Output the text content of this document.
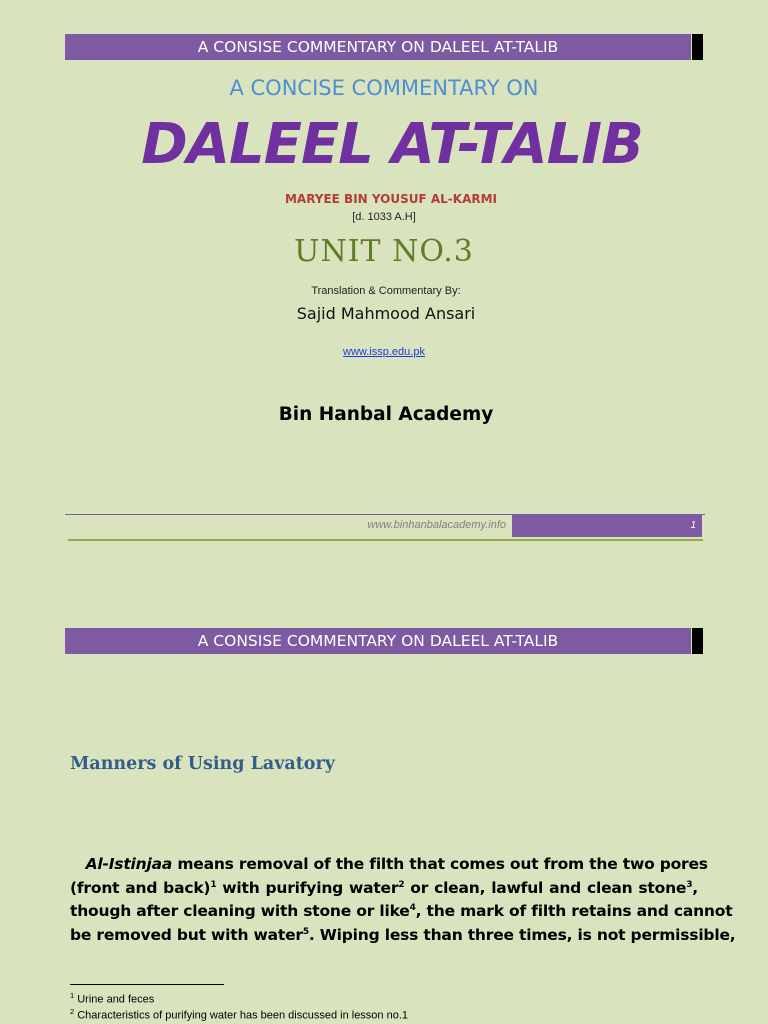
A CONSISE COMMENTARY ON DALEEL AT-TALIB
A CONCISE COMMENTARY ON
DALEEL AT-TALIB
MARYEE BIN YOUSUF AL-KARMI
[d. 1033 A.H]
UNIT NO.3
Translation & Commentary By:
Sajid Mahmood Ansari
www.issp.edu.pk
Bin Hanbal Academy
www.binhanbalacademy.info	1
A CONSISE COMMENTARY ON DALEEL AT-TALIB
Manners of Using Lavatory
Al-Istinjaa means removal of the filth that comes out from the two pores
(front and back)$^1$ with purifying water$^2$ or clean, lawful and clean stone$^3$,
though after cleaning with stone or like$^4$, the mark of filth retains and cannot
be removed but with water$^5$. Wiping less than three times, is not permissible,
$^1$ Urine and feces
$^2$ Characteristics of purifying water has been discussed in lesson no.1
